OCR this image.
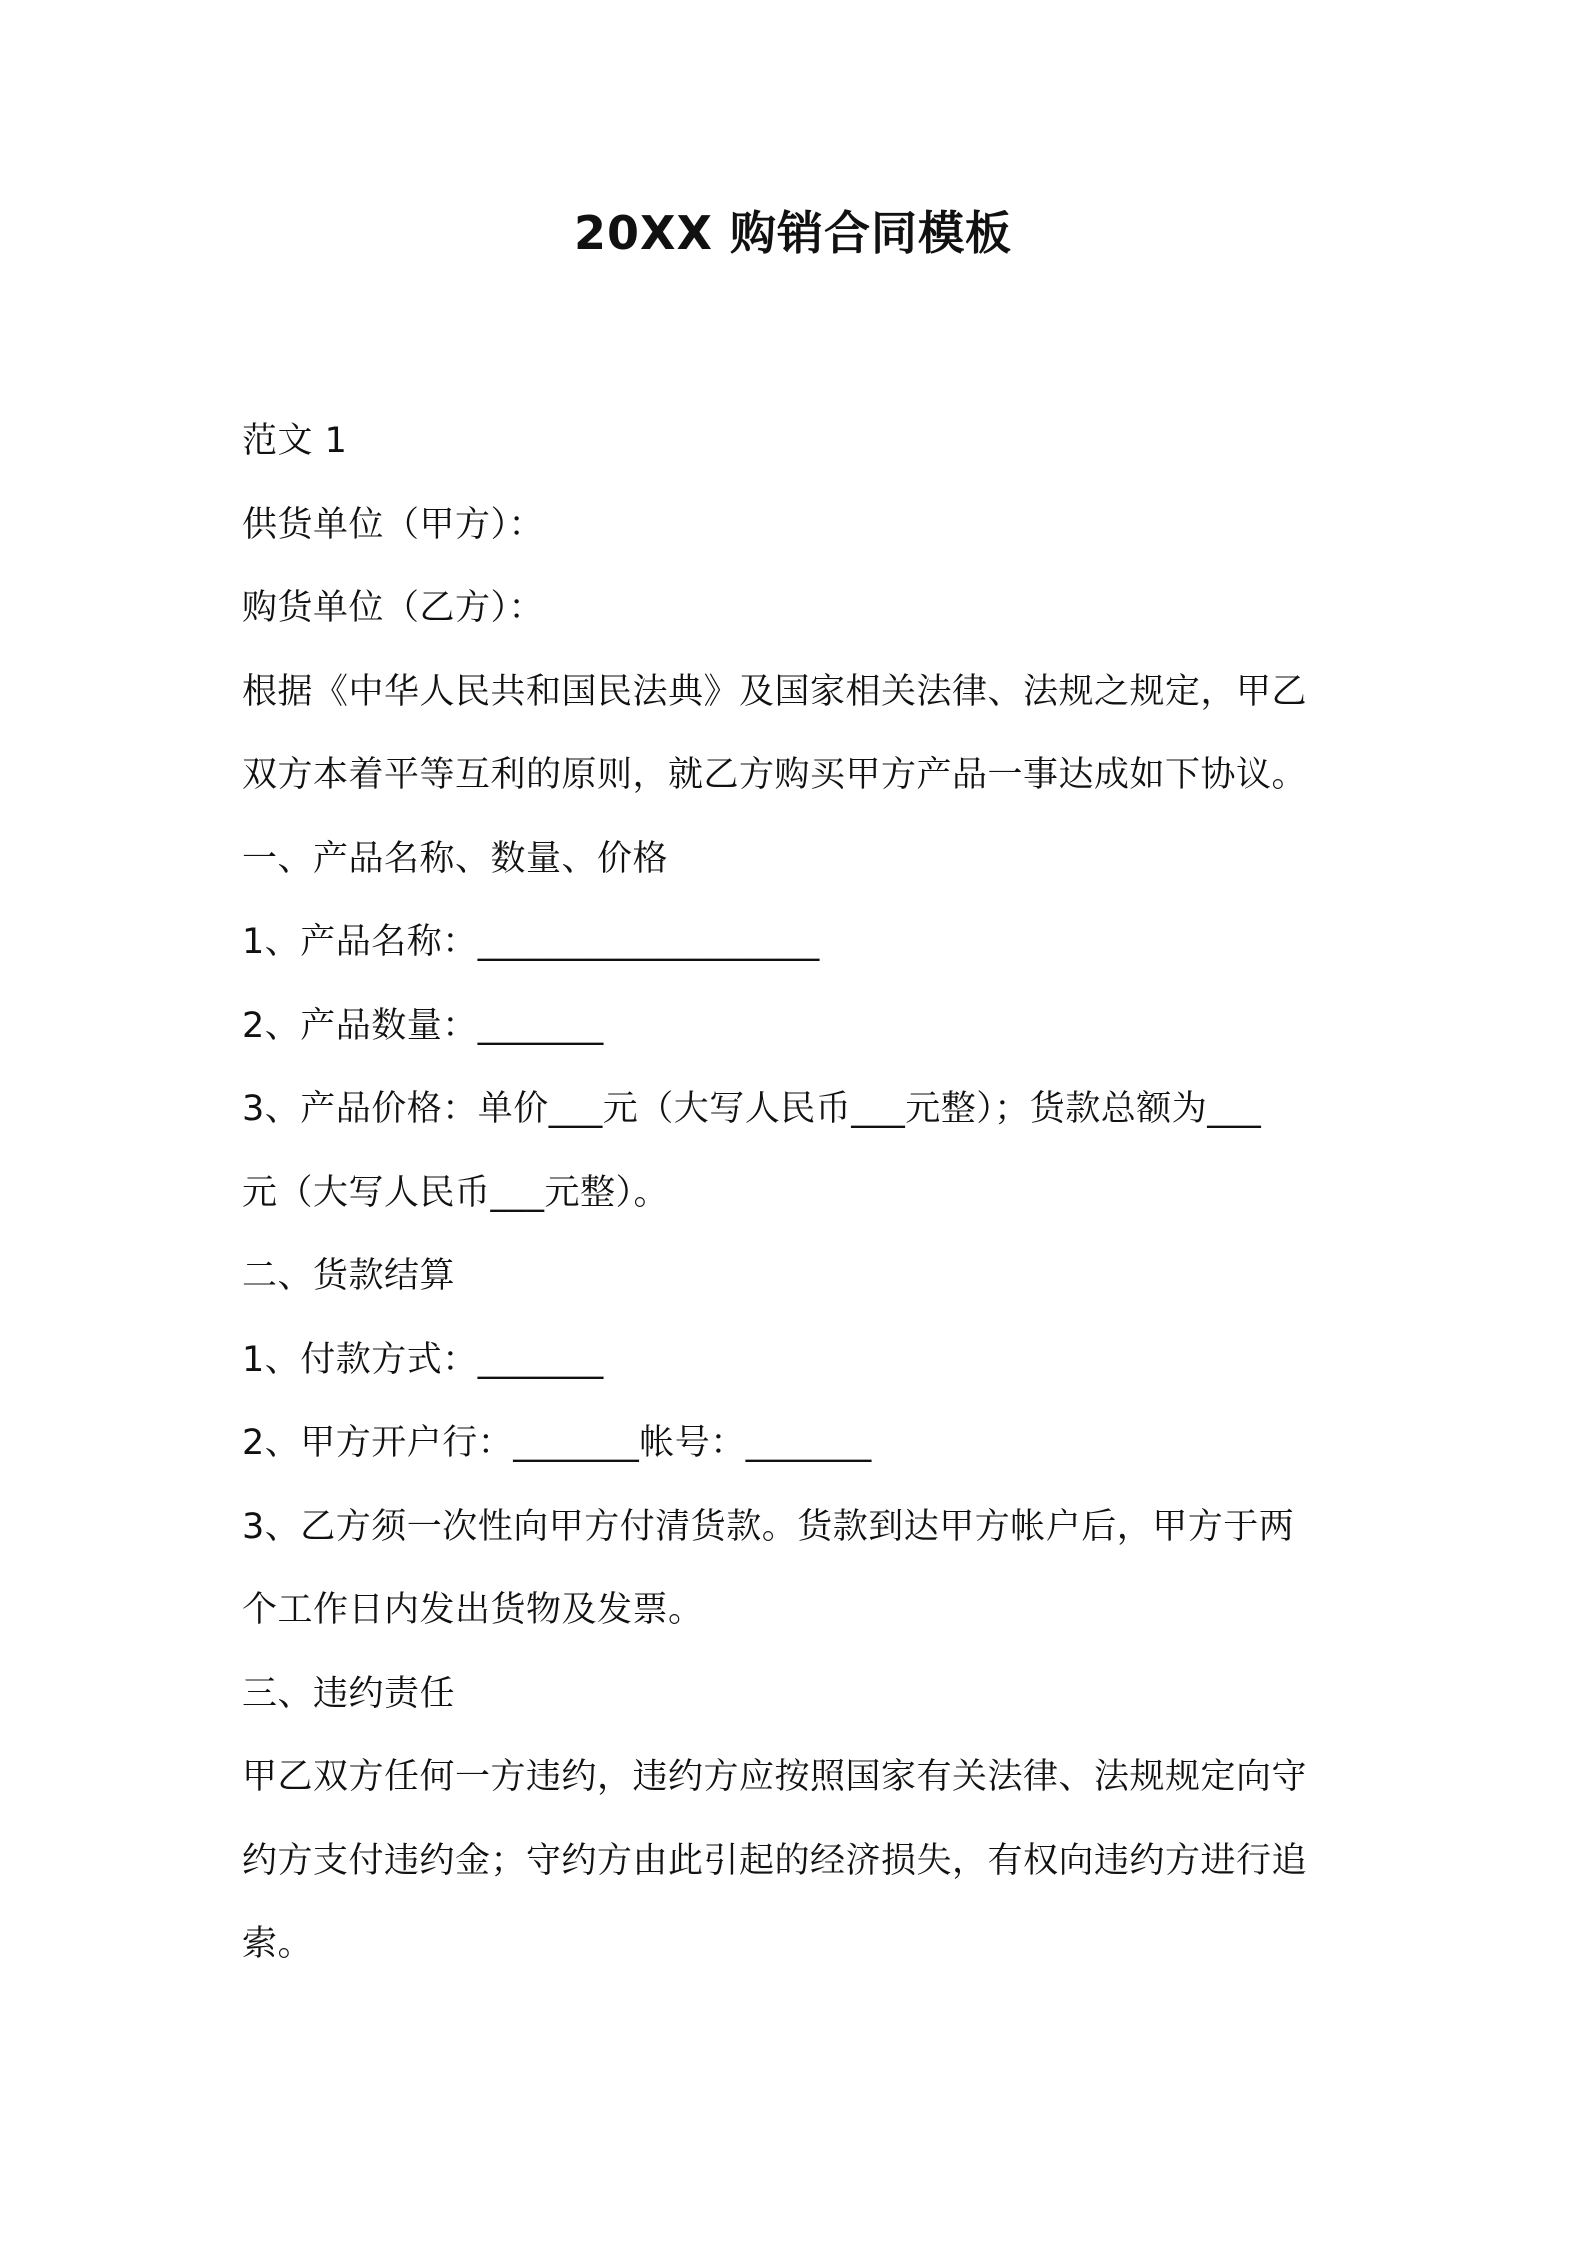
20XX 购销合同模板
范文 1
供货单位（甲方）：
购货单位（乙方）：
根据《中华人民共和国民法典》及国家相关法律、法规之规定，甲乙
双方本着平等互利的原则，就乙方购买甲方产品一事达成如下协议。
一、产品名称、数量、价格
1、产品名称：___________________
2、产品数量：_______
3、产品价格：单价___元（大写人民币___元整）；货款总额为___
元（大写人民币___元整）。
二、货款结算
1、付款方式：_______
2、甲方开户行：_______帐号：_______
3、乙方须一次性向甲方付清货款。货款到达甲方帐户后，甲方于两
个工作日内发出货物及发票。
三、违约责任
甲乙双方任何一方违约，违约方应按照国家有关法律、法规规定向守
约方支付违约金；守约方由此引起的经济损失，有权向违约方进行追
索。
